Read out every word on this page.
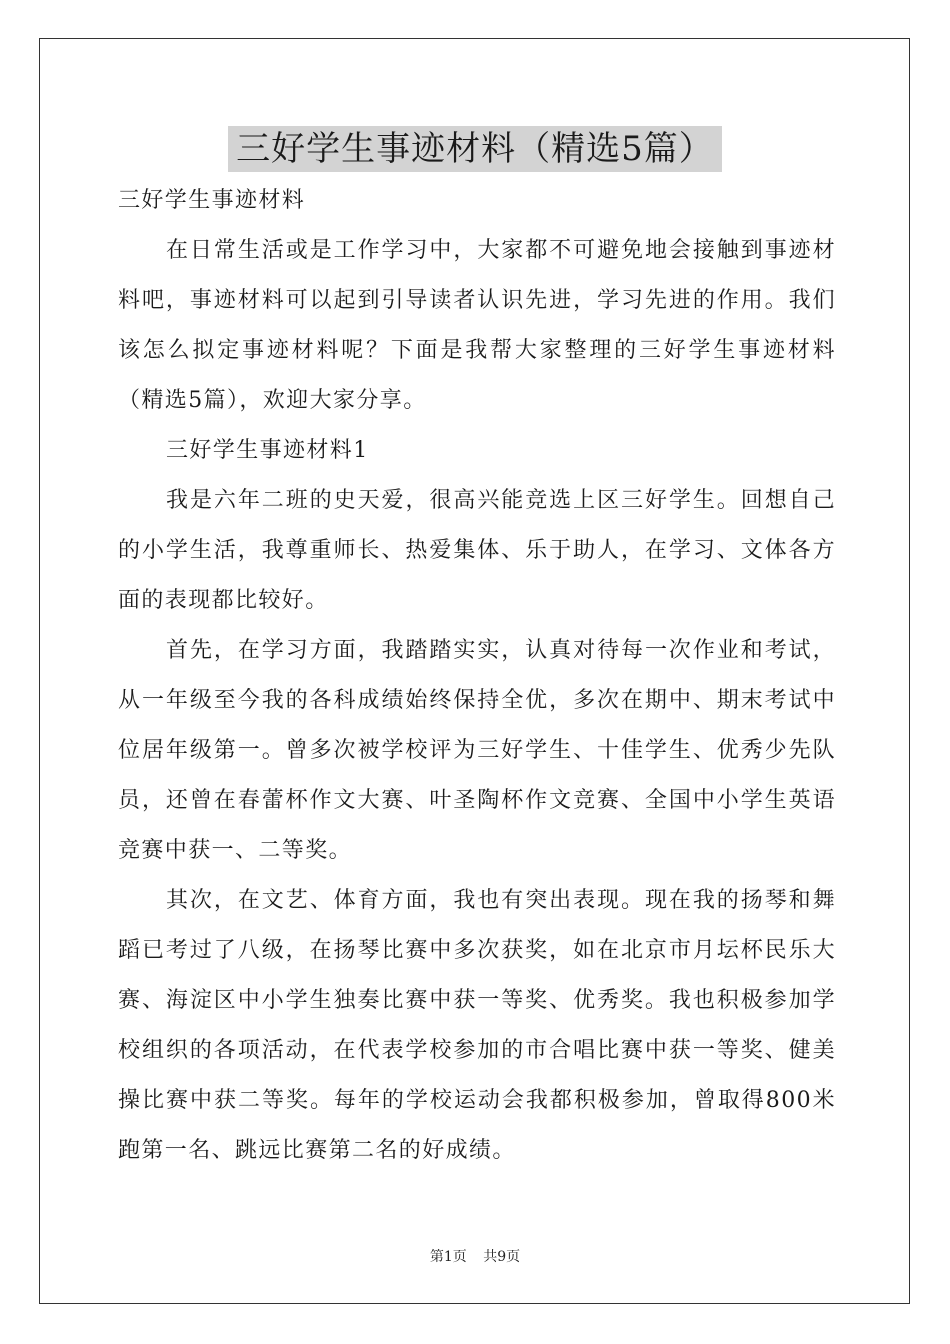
三好学生事迹材料（精选5篇）

三好学生事迹材料

在日常生活或是工作学习中，大家都不可避免地会接触到事迹材料吧，事迹材料可以起到引导读者认识先进，学习先进的作用。我们该怎么拟定事迹材料呢？下面是我帮大家整理的三好学生事迹材料（精选5篇），欢迎大家分享。

三好学生事迹材料1

我是六年二班的史天爱，很高兴能竞选上区三好学生。回想自己的小学生活，我尊重师长、热爱集体、乐于助人，在学习、文体各方面的表现都比较好。

首先，在学习方面，我踏踏实实，认真对待每一次作业和考试，从一年级至今我的各科成绩始终保持全优，多次在期中、期末考试中位居年级第一。曾多次被学校评为三好学生、十佳学生、优秀少先队员，还曾在春蕾杯作文大赛、叶圣陶杯作文竞赛、全国中小学生英语竞赛中获一、二等奖。

其次，在文艺、体育方面，我也有突出表现。现在我的扬琴和舞蹈已考过了八级，在扬琴比赛中多次获奖，如在北京市月坛杯民乐大赛、海淀区中小学生独奏比赛中获一等奖、优秀奖。我也积极参加学校组织的各项活动，在代表学校参加的市合唱比赛中获一等奖、健美操比赛中获二等奖。每年的学校运动会我都积极参加，曾取得800米跑第一名、跳远比赛第二名的好成绩。

第1页 共9页
